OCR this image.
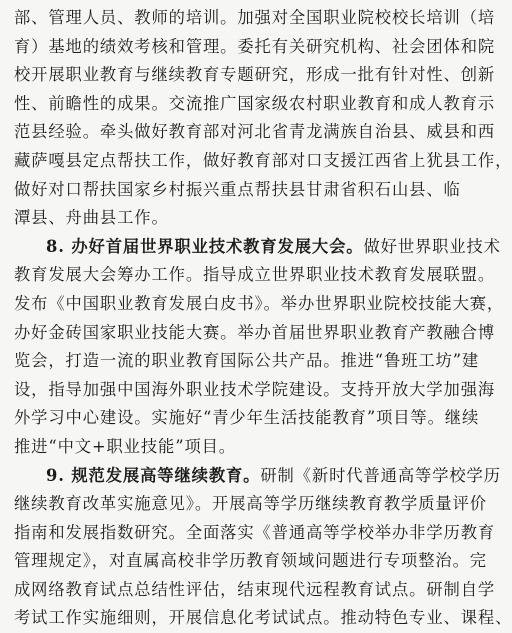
部、管理人员、教师的培训。加强对全国职业院校校长培训（培
育）基地的绩效考核和管理。委托有关研究机构、社会团体和院
校开展职业教育与继续教育专题研究，形成一批有针对性、创新
性、前瞻性的成果。交流推广国家级农村职业教育和成人教育示
范县经验。牵头做好教育部对河北省青龙满族自治县、威县和西
藏萨嘎县定点帮扶工作，做好教育部对口支援江西省上犹县工作，
做好对口帮扶国家乡村振兴重点帮扶县甘肃省积石山县、临
潭县、舟曲县工作。
8. 办好首届世界职业技术教育发展大会。做好世界职业技术
教育发展大会筹办工作。指导成立世界职业技术教育发展联盟。
发布《中国职业教育发展白皮书》。举办世界职业院校技能大赛，
办好金砖国家职业技能大赛。举办首届世界职业教育产教融合博
览会，打造一流的职业教育国际公共产品。推进“鲁班工坊”建
设，指导加强中国海外职业技术学院建设。支持开放大学加强海
外学习中心建设。实施好“青少年生活技能教育”项目等。继续
推进“中文+职业技能”项目。
9. 规范发展高等继续教育。研制《新时代普通高等学校学历
继续教育改革实施意见》。开展高等学历继续教育教学质量评价
指南和发展指数研究。全面落实《普通高等学校举办非学历教育
管理规定》，对直属高校非学历教育领域问题进行专项整治。完
成网络教育试点总结性评估，结束现代远程教育试点。研制自学
考试工作实施细则，开展信息化考试试点。推动特色专业、课程、
